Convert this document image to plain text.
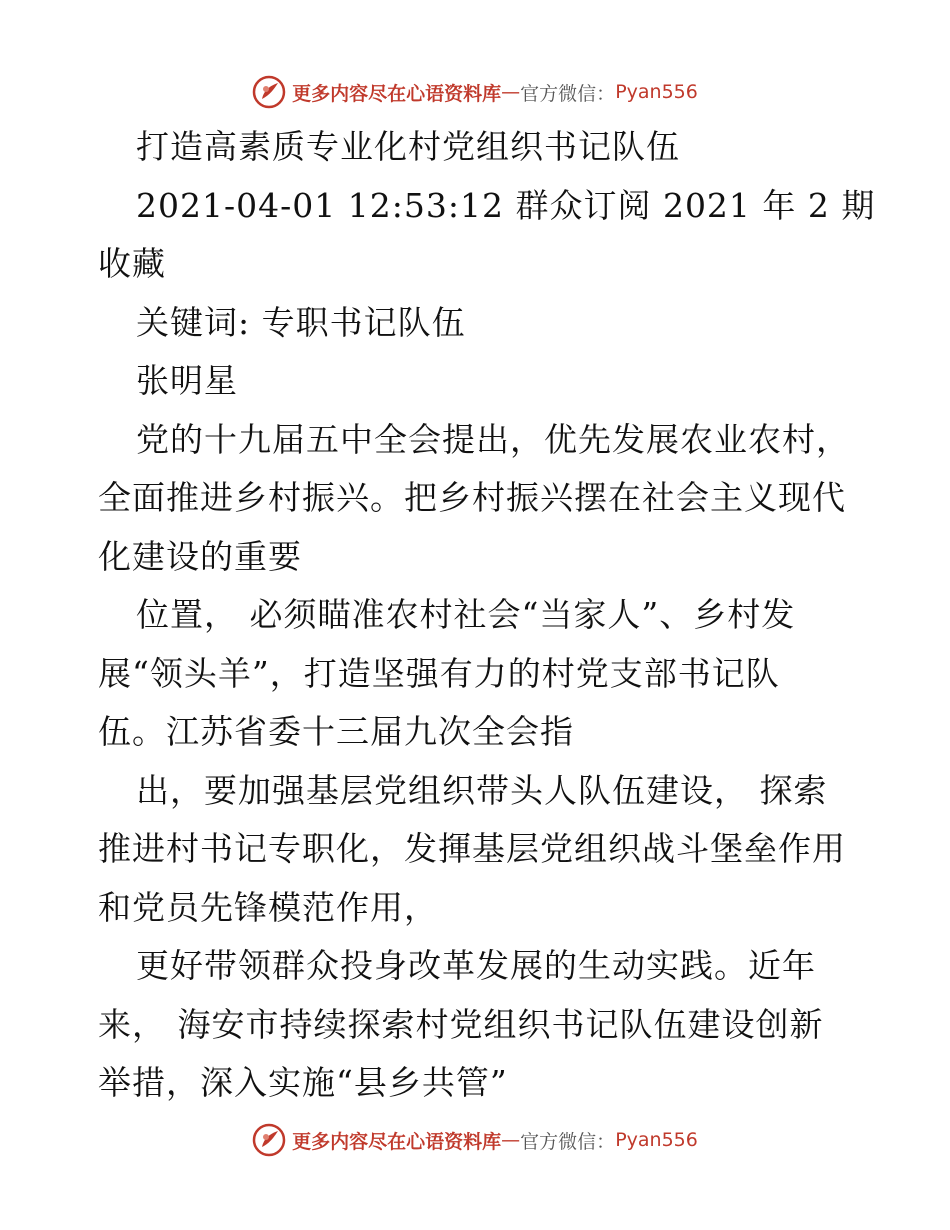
更多内容尽在心语资料库 — 官方微信： Pyan556
打造高素质专业化村党组织书记队伍
2021-04-01 12:53:12 群众订阅 2021 年 2 期
收藏
关键词: 专职书记队伍
张明星
党的十九届五中全会提出，优先发展农业农村，
全面推进乡村振兴。把乡村振兴摆在社会主义现代
化建设的重要
位置， 必须瞄准农村社会“当家人”、乡村发
展“领头羊”，打造坚强有力的村党支部书记队
伍。江苏省委十三届九次全会指
出，要加强基层党组织带头人队伍建设， 探索
推进村书记专职化，发揮基层党组织战斗堡垒作用
和党员先锋模范作用，
更好带领群众投身改革发展的生动实践。近年
来， 海安市持续探索村党组织书记队伍建设创新
举措，深入实施“县乡共管”
更多内容尽在心语资料库 — 官方微信： Pyan556
